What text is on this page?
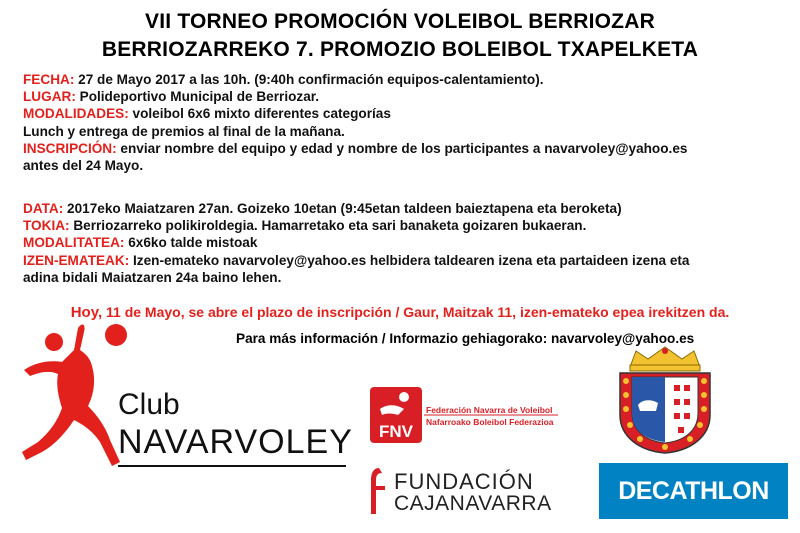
VII TORNEO PROMOCIÓN VOLEIBOL BERRIOZAR
BERRIOZARREKO 7. PROMOZIO BOLEIBOL TXAPELKETA
FECHA: 27 de Mayo 2017 a las 10h. (9:40h confirmación equipos-calentamiento).
LUGAR: Polideportivo Municipal de Berriozar.
MODALIDADES: voleibol 6x6 mixto diferentes categorías
Lunch y entrega de premios al final de la mañana.
INSCRIPCIÓN: enviar nombre del equipo y edad y nombre de los participantes a navarvoley@yahoo.es
antes del 24 Mayo.
DATA: 2017eko Maiatzaren 27an. Goizeko 10etan (9:45etan taldeen baieztapena eta beroketa)
TOKIA: Berriozarreko polikiroldegia. Hamarretako eta sari banaketa goizaren bukaeran.
MODALITATEA: 6x6ko talde mistoak
IZEN-EMATEAK: Izen-emateko navarvoley@yahoo.es helbidera taldearen izena eta partaideen izena eta
adina bidali Maiatzaren 24a baino lehen.
Hoy, 11 de Mayo, se abre el plazo de inscripción / Gaur, Maitzak 11, izen-emateko epea irekitzen da.
Para más información / Informazio gehiagorako: navarvoley@yahoo.es
Club
NAVARVOLEY FNV
Federación Navarra de Voleibol
Nafarroako Boleibol Federazioa
FUNDACIÓN
CAJANAVARRA	DECATHLON
